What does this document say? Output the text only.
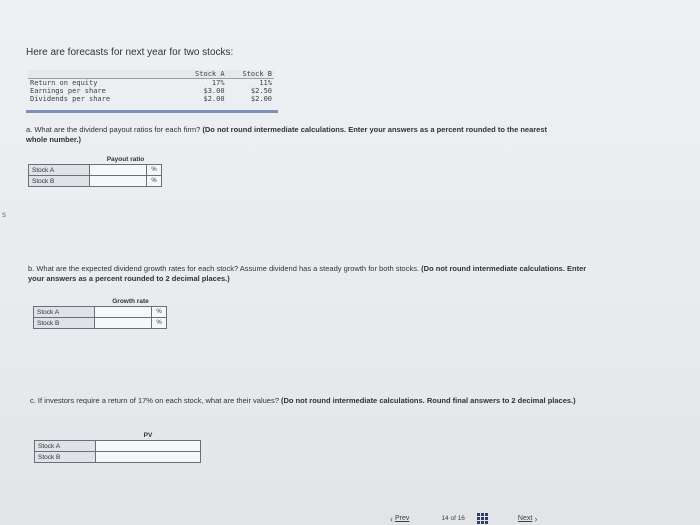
Here are forecasts for next year for two stocks:
	Stock A	Stock B
Return on equity	17%	11%
Earnings per share	$3.00	$2.50
Dividends per share	$2.00	$2.00
a. What are the dividend payout ratios for each firm? (Do not round intermediate calculations. Enter your answers as a percent rounded to the nearest whole number.)
	Payout ratio	
Stock A		%
Stock B		%
s
b. What are the expected dividend growth rates for each stock? Assume dividend has a steady growth for both stocks. (Do not round intermediate calculations. Enter your answers as a percent rounded to 2 decimal places.)
	Growth rate	
Stock A		%
Stock B		%
c. If investors require a return of 17% on each stock, what are their values? (Do not round intermediate calculations. Round final answers to 2 decimal places.)
	PV
Stock A	
Stock B	
‹ Prev	14 of 16	Next ›
